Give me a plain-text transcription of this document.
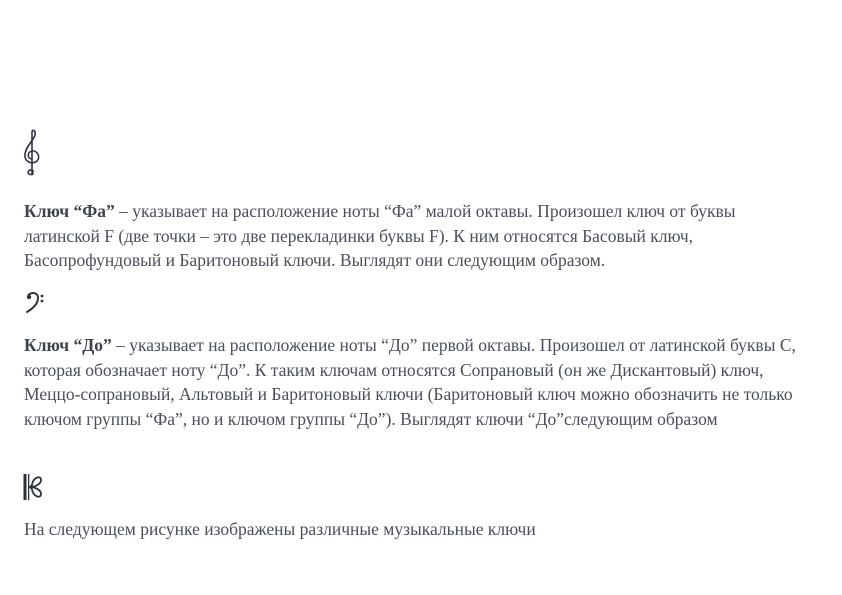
Ключ “Фа” – указывает на расположение ноты “Фа” малой октавы. Произошел ключ от буквы латинской F (две точки – это две перекладинки буквы F). К ним относятся Басовый ключ, Басопрофундовый и Баритоновый ключи. Выглядят они следующим образом.

Ключ “До” – указывает на расположение ноты “До” первой октавы. Произошел от латинской буквы C, которая обозначает ноту “До”. К таким ключам относятся Сопрановый (он же Дискантовый) ключ, Меццо-сопрановый, Альтовый и Баритоновый ключи (Баритоновый ключ можно обозначить не только ключом группы “Фа”, но и ключом группы “До”). Выглядят ключи “До”следующим образом

На следующем рисунке изображены различные музыкальные ключи
